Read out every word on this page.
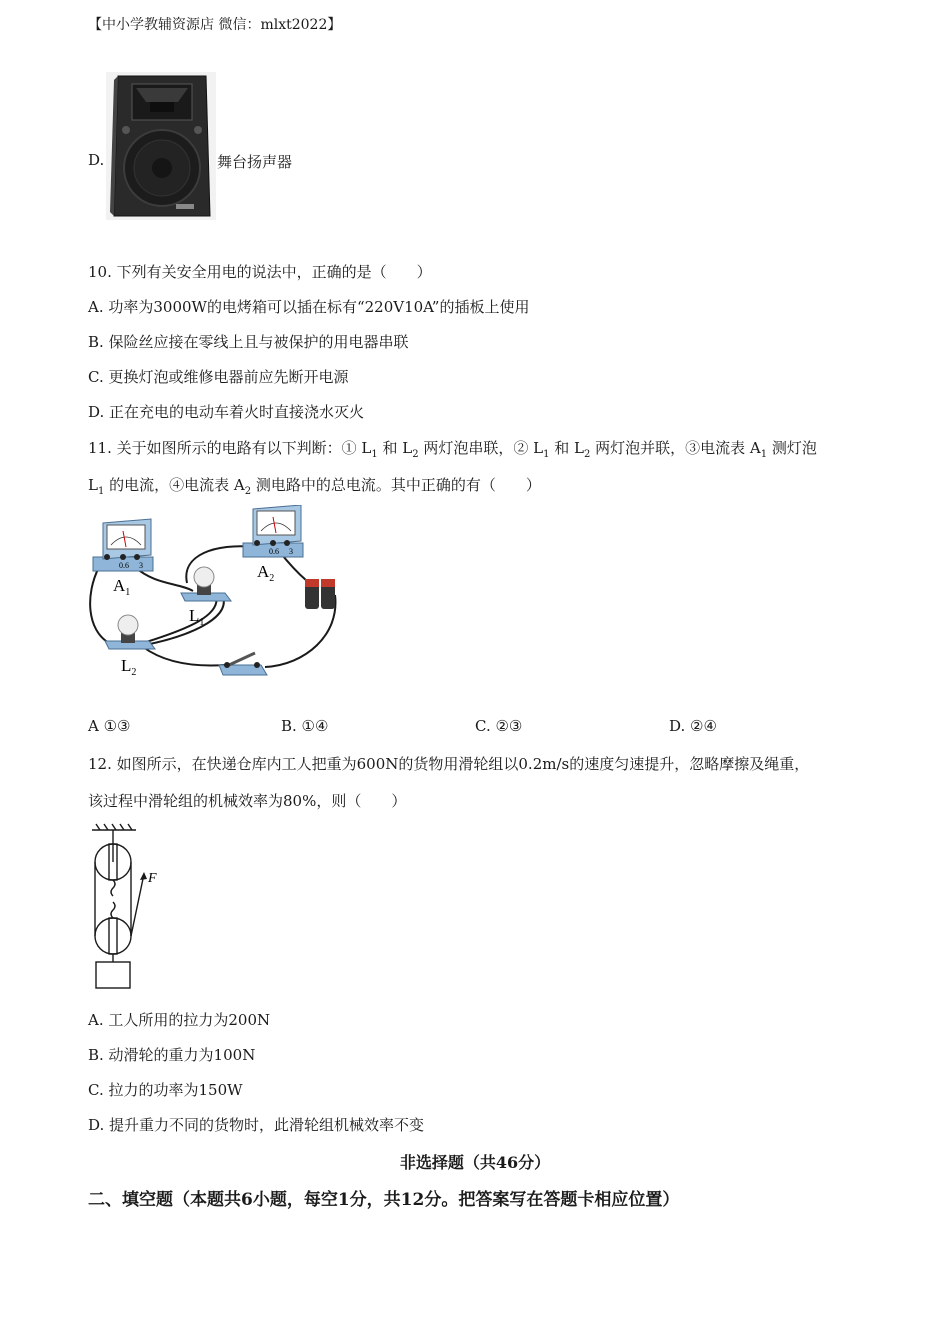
【中小学教辅资源店 微信：mlxt2022】
D.	舞台扬声器
10. 下列有关安全用电的说法中，正确的是（　　）
A. 功率为3000W的电烤箱可以插在标有“220V10A”的插板上使用
B. 保险丝应接在零线上且与被保护的用电器串联
C. 更换灯泡或维修电器前应先断开电源
D. 正在充电的电动车着火时直接浇水灭火
11. 关于如图所示的电路有以下判断：① $L_1$ 和 $L_2$ 两灯泡串联，② $L_1$ 和 $L_2$ 两灯泡并联，③电流表 $A_1$ 测灯泡
$L_1$ 的电流，④电流表 $A_2$ 测电路中的总电流。其中正确的有（　　）
0.6 3
$A_1$
0.6 3
$A_2$
$L_1$
$L_2$
A ①③	B. ①④	C. ②③	D. ②④
12. 如图所示，在快递仓库内工人把重为600N的货物用滑轮组以0.2m/s的速度匀速提升，忽略摩擦及绳重，
该过程中滑轮组的机械效率为80%，则（　　）
F
A. 工人所用的拉力为200N
B. 动滑轮的重力为100N
C. 拉力的功率为150W
D. 提升重力不同的货物时，此滑轮组机械效率不变
非选择题（共46分）
二、填空题（本题共6小题，每空1分，共12分。把答案写在答题卡相应位置）
